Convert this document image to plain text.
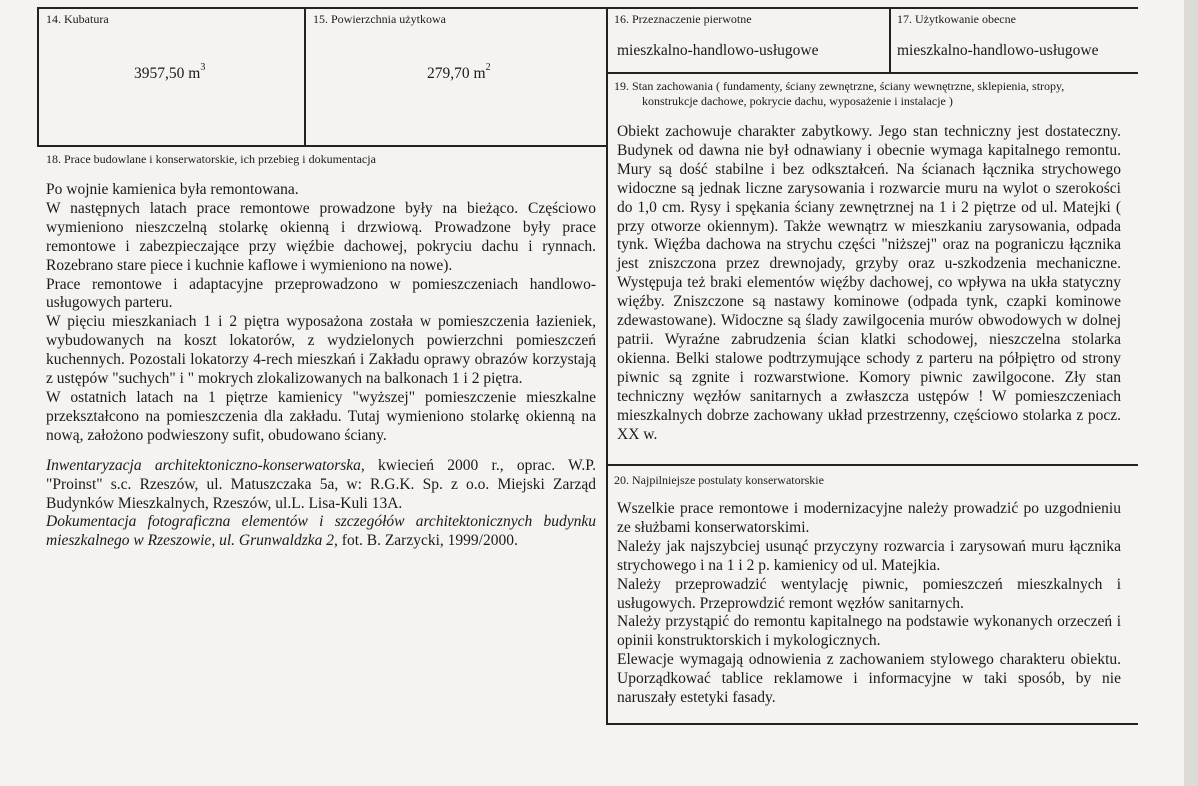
14. Kubatura
3957,50 $m^3$
15. Powierzchnia użytkowa
279,70 $m^2$
16. Przeznaczenie pierwotne
mieszkalno-handlowo-usługowe
17. Użytkowanie obecne
mieszkalno-handlowo-usługowe
19. Stan zachowania ( fundamenty, ściany zewnętrzne, ściany wewnętrzne, sklepienia, stropy,
konstrukcje dachowe, pokrycie dachu, wyposażenie i instalacje )

Obiekt zachowuje charakter zabytkowy. Jego stan techniczny jest dostateczny. Budynek od dawna nie był odnawiany i obecnie wymaga kapitalnego remontu. Mury są dość stabilne i bez odkształceń. Na ścianach łącznika strychowego widoczne są jednak liczne zarysowania i rozwarcie muru na wylot o szerokości do 1,0 cm. Rysy i spękania ściany zewnętrznej na 1 i 2 piętrze od ul. Matejki ( przy otworze okiennym). Także wewnątrz w mieszkaniu zarysowania, odpada tynk. Więźba dachowa na strychu części "niższej" oraz na pograniczu łącznika jest zniszczona przez drewnojady, grzyby oraz u-szkodzenia mechaniczne. Występuja też braki elementów więźby dachowej, co wpływa na ukła statyczny więźby. Zniszczone są nastawy kominowe (odpada tynk, czapki kominowe zdewastowane). Widoczne są ślady zawilgocenia murów obwodowych w dolnej patrii. Wyraźne zabrudzenia ścian klatki schodowej, nieszczelna stolarka okienna. Belki stalowe podtrzymujące schody z parteru na półpiętro od strony piwnic są zgnite i rozwarstwione. Komory piwnic zawilgocone. Zły stan techniczny węzłów sanitarnych a zwłaszcza ustępów ! W pomieszczeniach mieszkalnych dobrze zachowany układ przestrzenny, częściowo stolarka z pocz. XX w.

18. Prace budowlane i konserwatorskie, ich przebieg i dokumentacja

Po wojnie kamienica była remontowana.

W następnych latach prace remontowe prowadzone były na bieżąco. Częściowo wymieniono nieszczelną stolarkę okienną i drzwiową. Prowadzone były prace remontowe i zabezpieczające przy więźbie dachowej, pokryciu dachu i rynnach. Rozebrano stare piece i kuchnie kaflowe i wymieniono na nowe).

Prace remontowe i adaptacyjne przeprowadzono w pomieszczeniach handlowo-usługowych parteru.

W pięciu mieszkaniach 1 i 2 piętra wyposażona została w pomieszczenia łazieniek, wybudowanych na koszt lokatorów, z wydzielonych powierzchni pomieszczeń kuchennych. Pozostali lokatorzy 4-rech mieszkań i Zakładu oprawy obrazów korzystają z ustępów "suchych" i " mokrych zlokalizowanych na balkonach 1 i 2 piętra.

W ostatnich latach na 1 piętrze kamienicy "wyższej" pomieszczenie mieszkalne przekształcono na pomieszczenia dla zakładu. Tutaj wymieniono stolarkę okienną na nową, założono podwieszony sufit, obudowano ściany.

Inwentaryzacja architektoniczno-konserwatorska, kwiecień 2000 r., oprac. W.P. "Proinst" s.c. Rzeszów, ul. Matuszczaka 5a, w: R.G.K. Sp. z o.o. Miejski Zarząd Budynków Mieszkalnych, Rzeszów, ul.L. Lisa-Kuli 13A.

Dokumentacja fotograficzna elementów i szczegółów architektonicznych budynku mieszkalnego w Rzeszowie, ul. Grunwaldzka 2, fot. B. Zarzycki, 1999/2000.

20. Najpilniejsze postulaty konserwatorskie

Wszelkie prace remontowe i modernizacyjne należy prowadzić po uzgodnieniu ze służbami konserwatorskimi.

Należy jak najszybciej usunąć przyczyny rozwarcia i zarysowań muru łącznika strychowego i na 1 i 2 p. kamienicy od ul. Matejkia.

Należy przeprowadzić wentylację piwnic, pomieszczeń mieszkalnych i usługowych. Przeprowdzić remont węzłów sanitarnych.

Należy przystąpić do remontu kapitalnego na podstawie wykonanych orzeczeń i opinii konstruktorskich i mykologicznych.

Elewacje wymagają odnowienia z zachowaniem stylowego charakteru obiektu. Uporządkować tablice reklamowe i informacyjne w taki sposób, by nie naruszały estetyki fasady.
